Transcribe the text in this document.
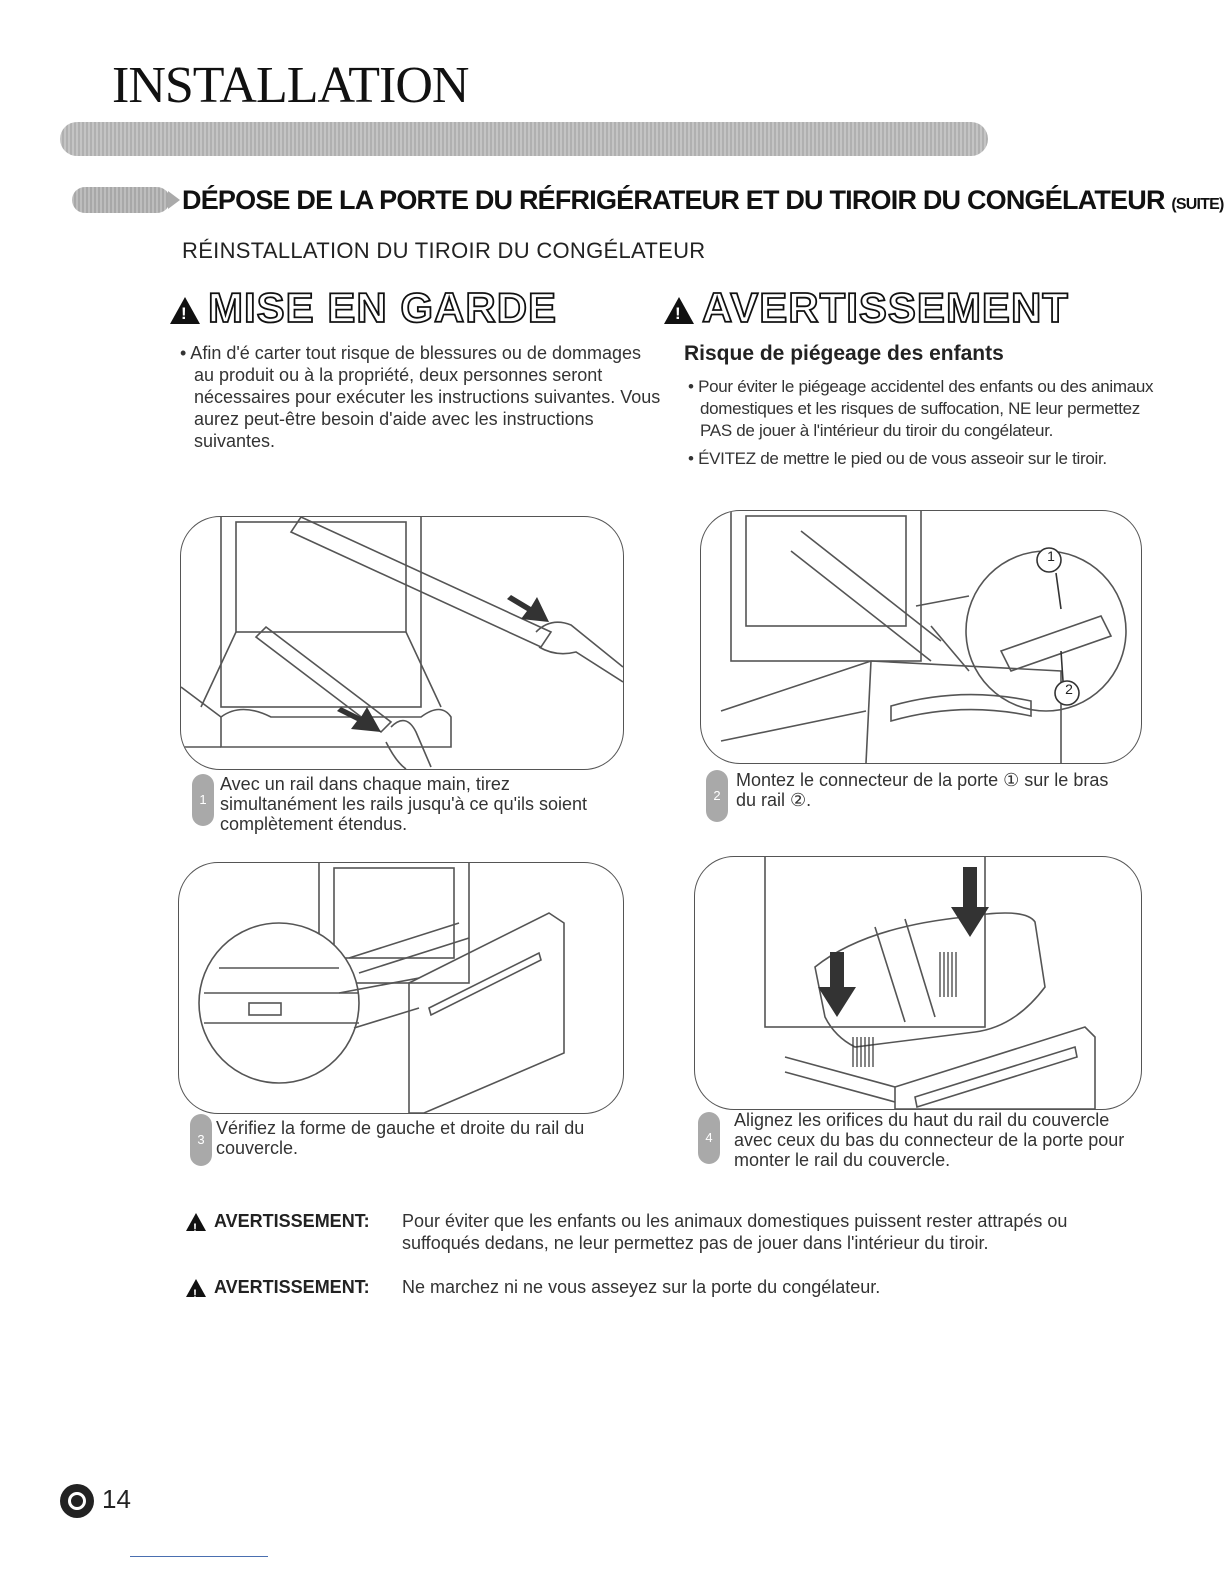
INSTALLATION
DÉPOSE DE LA PORTE DU RÉFRIGÉRATEUR ET DU TIROIR DU CONGÉLATEUR (SUITE)
RÉINSTALLATION DU TIROIR DU CONGÉLATEUR
!MISE EN GARDE
• Afin d'é carter tout risque de blessures ou de dommages au produit ou à la propriété, deux personnes seront nécessaires pour exécuter les instructions suivantes. Vous aurez peut-être besoin d'aide avec les instructions suivantes.
!AVERTISSEMENT
Risque de piégeage des enfants
• Pour éviter le piégeage accidentel des enfants ou des animaux domestiques et les risques de suffocation, NE leur permettez PAS de jouer à l'intérieur du tiroir du congélateur.
• ÉVITEZ de mettre le pied ou de vous asseoir sur le tiroir.
1
Avec un rail dans chaque main, tirez simultanément les rails jusqu'à ce qu'ils soient complètement étendus.
1
2
2
Montez le connecteur de la porte ① sur le bras du rail ②.
3
Vérifiez la forme de gauche et droite du rail du couvercle.
4
Alignez les orifices du haut du rail du couvercle avec ceux du bas du connecteur de la porte pour monter le rail du couvercle.
!AVERTISSEMENT: Pour éviter que les enfants ou les animaux domestiques puissent rester attrapés ou suffoqués dedans, ne leur permettez pas de jouer dans l'intérieur du tiroir.
!AVERTISSEMENT: Ne marchez ni ne vous asseyez sur la porte du congélateur.
14
